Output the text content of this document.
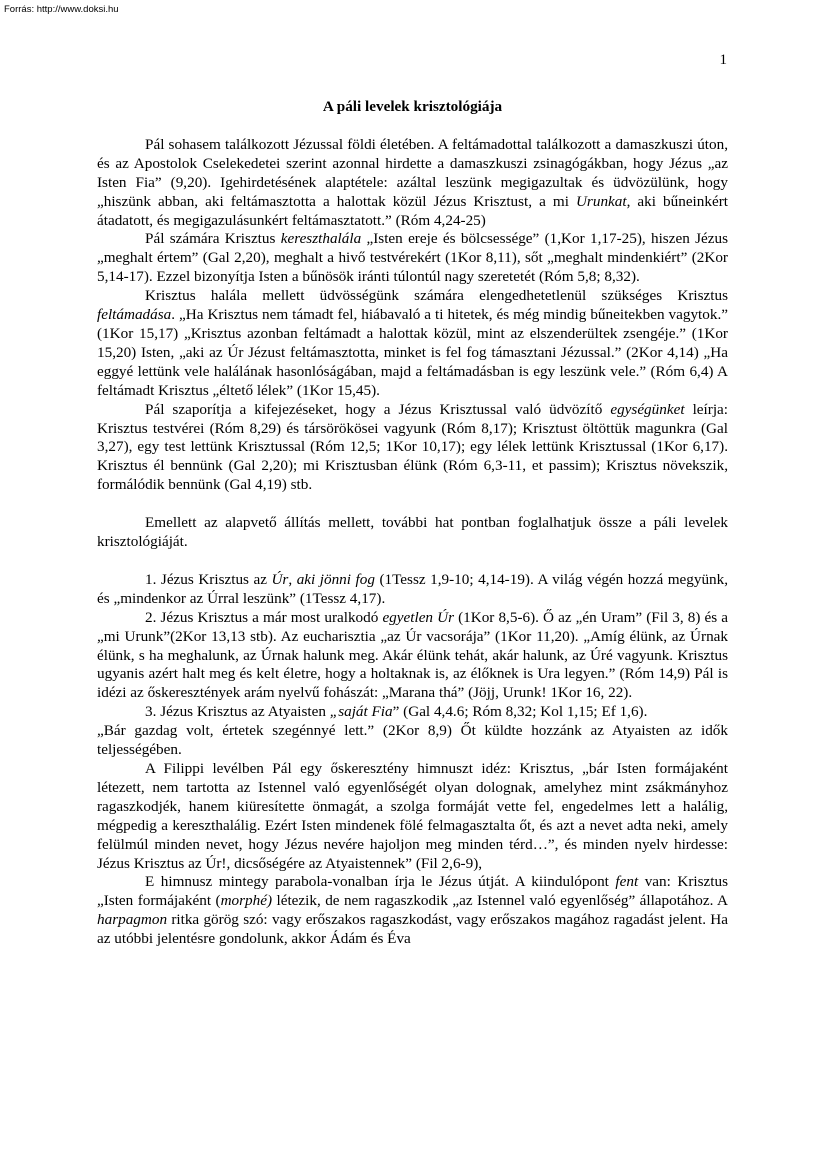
Forrás: http://www.doksi.hu
1
A páli levelek krisztológiája

Pál sohasem találkozott Jézussal földi életében. A feltámadottal találkozott a damaszkuszi úton, és az Apostolok Cselekedetei szerint azonnal hirdette a damaszkuszi zsinagógákban, hogy Jézus „az Isten Fia” (9,20). Igehirdetésének alaptétele: azáltal leszünk megigazultak és üdvözülünk, hogy „hiszünk abban, aki feltámasztotta a halottak közül Jézus Krisztust, a mi Urunkat, aki bűneinkért átadatott, és megigazulásunkért feltámasztatott.” (Róm 4,24-25)

Pál számára Krisztus kereszthalála „Isten ereje és bölcsessége” (1,Kor 1,17-25), hiszen Jézus „meghalt értem” (Gal 2,20), meghalt a hivő testvérekért (1Kor 8,11), sőt „meghalt mindenkiért” (2Kor 5,14-17). Ezzel bizonyítja Isten a bűnösök iránti túlontúl nagy szeretetét (Róm 5,8; 8,32).

Krisztus halála mellett üdvösségünk számára elengedhetetlenül szükséges Krisztus feltámadása. „Ha Krisztus nem támadt fel, hiábavaló a ti hitetek, és még mindig bűneitekben vagytok.” (1Kor 15,17) „Krisztus azonban feltámadt a halottak közül, mint az elszenderültek zsengéje.” (1Kor 15,20) Isten, „aki az Úr Jézust feltámasztotta, minket is fel fog támasztani Jézussal.” (2Kor 4,14) „Ha eggyé lettünk vele halálának hasonlóságában, majd a feltámadásban is egy leszünk vele.” (Róm 6,4) A feltámadt Krisztus „éltető lélek” (1Kor 15,45).

Pál szaporítja a kifejezéseket, hogy a Jézus Krisztussal való üdvözítő egységünket leírja: Krisztus testvérei (Róm 8,29) és társörökösei vagyunk (Róm 8,17); Krisztust öltöttük magunkra (Gal 3,27), egy test lettünk Krisztussal (Róm 12,5; 1Kor 10,17); egy lélek lettünk Krisztussal (1Kor 6,17). Krisztus él bennünk (Gal 2,20); mi Krisztusban élünk (Róm 6,3-11, et passim); Krisztus növekszik, formálódik bennünk (Gal 4,19) stb.

Emellett az alapvető állítás mellett, további hat pontban foglalhatjuk össze a páli levelek krisztológiáját.

1. Jézus Krisztus az Úr, aki jönni fog (1Tessz 1,9-10; 4,14-19). A világ végén hozzá megyünk, és „mindenkor az Úrral leszünk” (1Tessz 4,17).

2. Jézus Krisztus a már most uralkodó egyetlen Úr (1Kor 8,5-6). Ő az „én Uram” (Fil 3, 8) és a „mi Urunk”(2Kor 13,13 stb). Az eucharisztia „az Úr vacsorája” (1Kor 11,20). „Amíg élünk, az Úrnak élünk, s ha meghalunk, az Úrnak halunk meg. Akár élünk tehát, akár halunk, az Úré vagyunk. Krisztus ugyanis azért halt meg és kelt életre, hogy a holtaknak is, az élőknek is Ura legyen.” (Róm 14,9) Pál is idézi az őskeresztények arám nyelvű fohászát: „Marana thá” (Jöjj, Urunk! 1Kor 16, 22).

3. Jézus Krisztus az Atyaisten „saját Fia” (Gal 4,4.6; Róm 8,32; Kol 1,15; Ef 1,6).

„Bár gazdag volt, értetek szegénnyé lett.” (2Kor 8,9) Őt küldte hozzánk az Atyaisten az idők teljességében.

A Filippi levélben Pál egy őskeresztény himnuszt idéz: Krisztus, „bár Isten formájaként létezett, nem tartotta az Istennel való egyenlőségét olyan dolognak, amelyhez mint zsákmányhoz ragaszkodjék, hanem kiüresítette önmagát, a szolga formáját vette fel, engedelmes lett a halálig, mégpedig a kereszthalálig. Ezért Isten mindenek fölé felmagasztalta őt, és azt a nevet adta neki, amely felülmúl minden nevet, hogy Jézus nevére hajoljon meg minden térd…”, és minden nyelv hirdesse: Jézus Krisztus az Úr!, dicsőségére az Atyaistennek” (Fil 2,6-9),

E himnusz mintegy parabola-vonalban írja le Jézus útját. A kiindulópont fent van: Krisztus „Isten formájaként (morphé) létezik, de nem ragaszkodik „az Istennel való egyenlőség” állapotához. A harpagmon ritka görög szó: vagy erőszakos ragaszkodást, vagy erőszakos magához ragadást jelent. Ha az utóbbi jelentésre gondolunk, akkor Ádám és Éva
